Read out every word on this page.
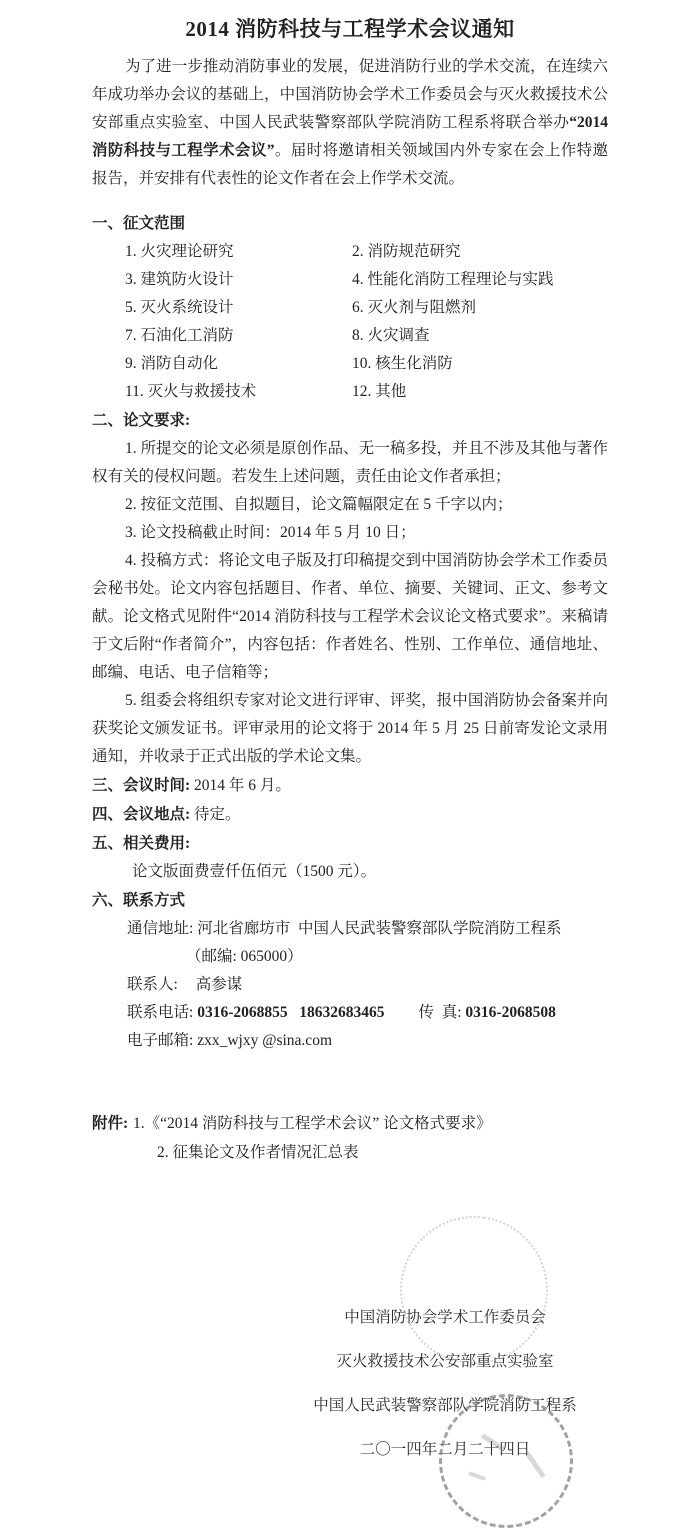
2014 消防科技与工程学术会议通知

为了进一步推动消防事业的发展，促进消防行业的学术交流，在连续六年成功举办会议的基础上，中国消防协会学术工作委员会与灭火救援技术公安部重点实验室、中国人民武装警察部队学院消防工程系将联合举办“2014 消防科技与工程学术会议”。届时将邀请相关领域国内外专家在会上作特邀报告，并安排有代表性的论文作者在会上作学术交流。

一、征文范围
1. 火灾理论研究	2. 消防规范研究
3. 建筑防火设计	4. 性能化消防工程理论与实践
5. 灭火系统设计	6. 灭火剂与阻燃剂
7. 石油化工消防	8. 火灾调查
9. 消防自动化	10. 核生化消防
11. 灭火与救援技术	12. 其他
二、论文要求:

1. 所提交的论文必须是原创作品、无一稿多投，并且不涉及其他与著作权有关的侵权问题。若发生上述问题，责任由论文作者承担；

2. 按征文范围、自拟题目，论文篇幅限定在 5 千字以内；

3. 论文投稿截止时间：2014 年 5 月 10 日；

4. 投稿方式：将论文电子版及打印稿提交到中国消防协会学术工作委员会秘书处。论文内容包括题目、作者、单位、摘要、关键词、正文、参考文献。论文格式见附件“2014 消防科技与工程学术会议论文格式要求”。来稿请于文后附“作者简介”，内容包括：作者姓名、性别、工作单位、通信地址、邮编、电话、电子信箱等；

5. 组委会将组织专家对论文进行评审、评奖，报中国消防协会备案并向获奖论文颁发证书。评审录用的论文将于 2014 年 5 月 25 日前寄发论文录用通知，并收录于正式出版的学术论文集。

三、会议时间: 2014 年 6 月。
四、会议地点: 待定。
五、相关费用:
论文版面费壹仟伍佰元（1500 元）。
六、联系方式
通信地址: 河北省廊坊市  中国人民武装警察部队学院消防工程系
（邮编: 065000）
联系人: 高参谋
联系电话: 0316-2068855   18632683465 传  真: 0316-2068508
电子邮箱: zxx_wjxy @sina.com
附件: 1.《“2014 消防科技与工程学术会议” 论文格式要求》
2. 征集论文及作者情况汇总表
中国消防协会学术工作委员会
灭火救援技术公安部重点实验室
中国人民武装警察部队学院消防工程系
二〇一四年二月二十四日
